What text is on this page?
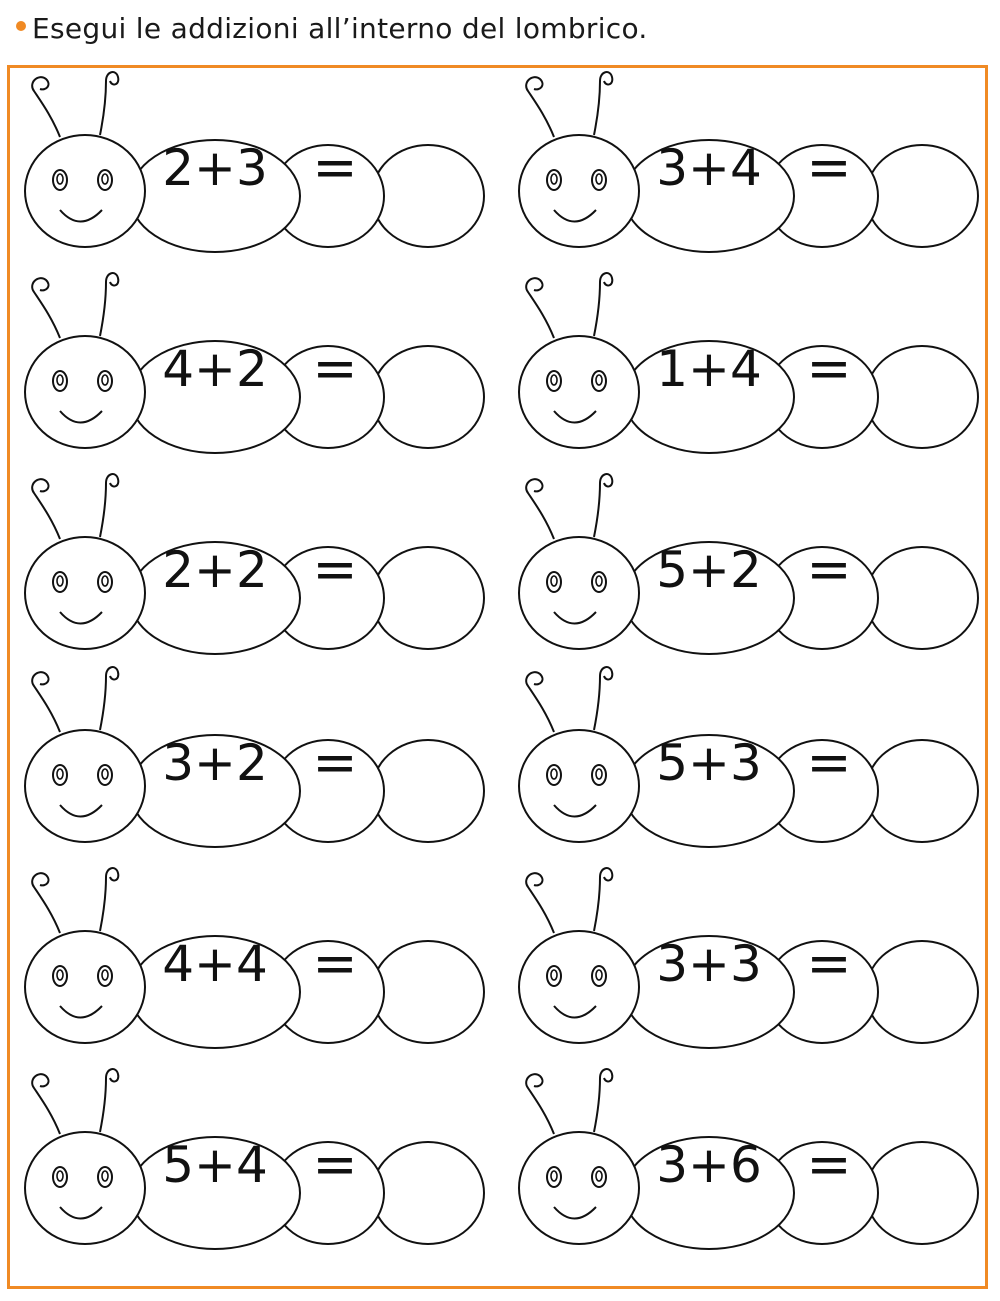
Esegui le addizioni all’interno del lombrico.
2+3 =	3+4 =
4+2 =	1+4 =
2+2 =	5+2 =
3+2 =	5+3 =
4+4 =	3+3 =
5+4 =	3+6 =
